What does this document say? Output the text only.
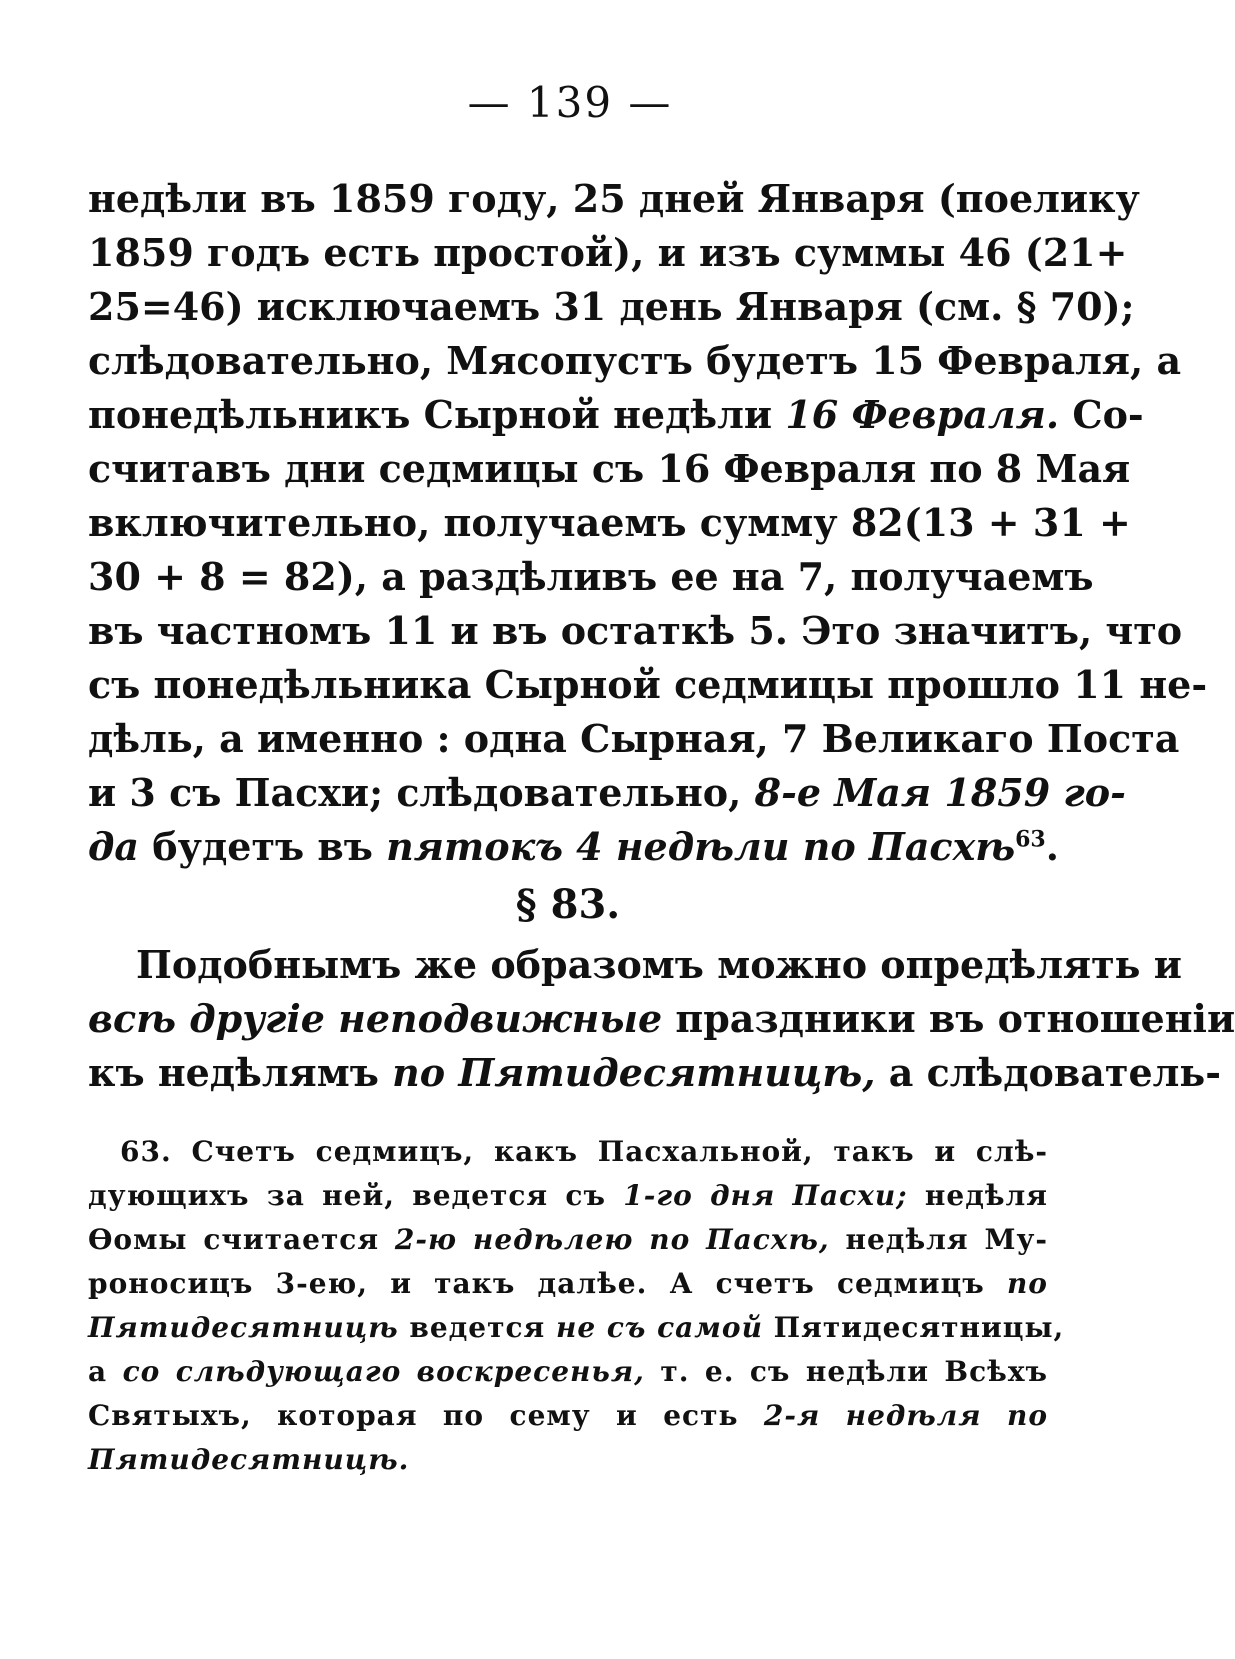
— 139 —
недѣли въ 1859 году, 25 дней Января (поелику
1859 годъ есть простой), и изъ суммы 46 (21+
25=46) исключаемъ 31 день Января (см. § 70);
слѣдовательно, Мясопустъ будетъ 15 Февраля, а
понедѣльникъ Сырной недѣли 16 Февраля. Со-
считавъ дни седмицы съ 16 Февраля по 8 Мая
включительно, получаемъ сумму 82(13 + 31 +
30 + 8 = 82), а раздѣливъ ее на 7, получаемъ
въ частномъ 11 и въ остаткѣ 5. Это значитъ, что
съ понедѣльника Сырной седмицы прошло 11 не-
дѣль, а именно : одна Сырная, 7 Великаго Поста
и 3 съ Пасхи; слѣдовательно, 8-е Мая 1859 го-
да будетъ въ пятокъ 4 недѣли по Пасхѣ$^{63}$.
§ 83.
Подобнымъ же образомъ можно опредѣлять и
всѣ другіе неподвижные праздники въ отношеніи
къ недѣлямъ по Пятидесятницѣ, а слѣдователь-
63. Счетъ седмицъ, какъ Пасхальной, такъ и слѣ-
дующихъ за ней, ведется съ 1-го дня Пасхи; недѣля
Ѳомы считается 2-ю недѣлею по Пасхѣ, недѣля Му-
роносицъ 3-ею, и такъ далѣе. А счетъ седмицъ по
Пятидесятницѣ ведется не съ самой Пятидесятницы,
а со слѣдующаго воскресенья, т. е. съ недѣли Всѣхъ
Святыхъ, которая по сему и есть 2-я недѣля по
Пятидесятницѣ.
